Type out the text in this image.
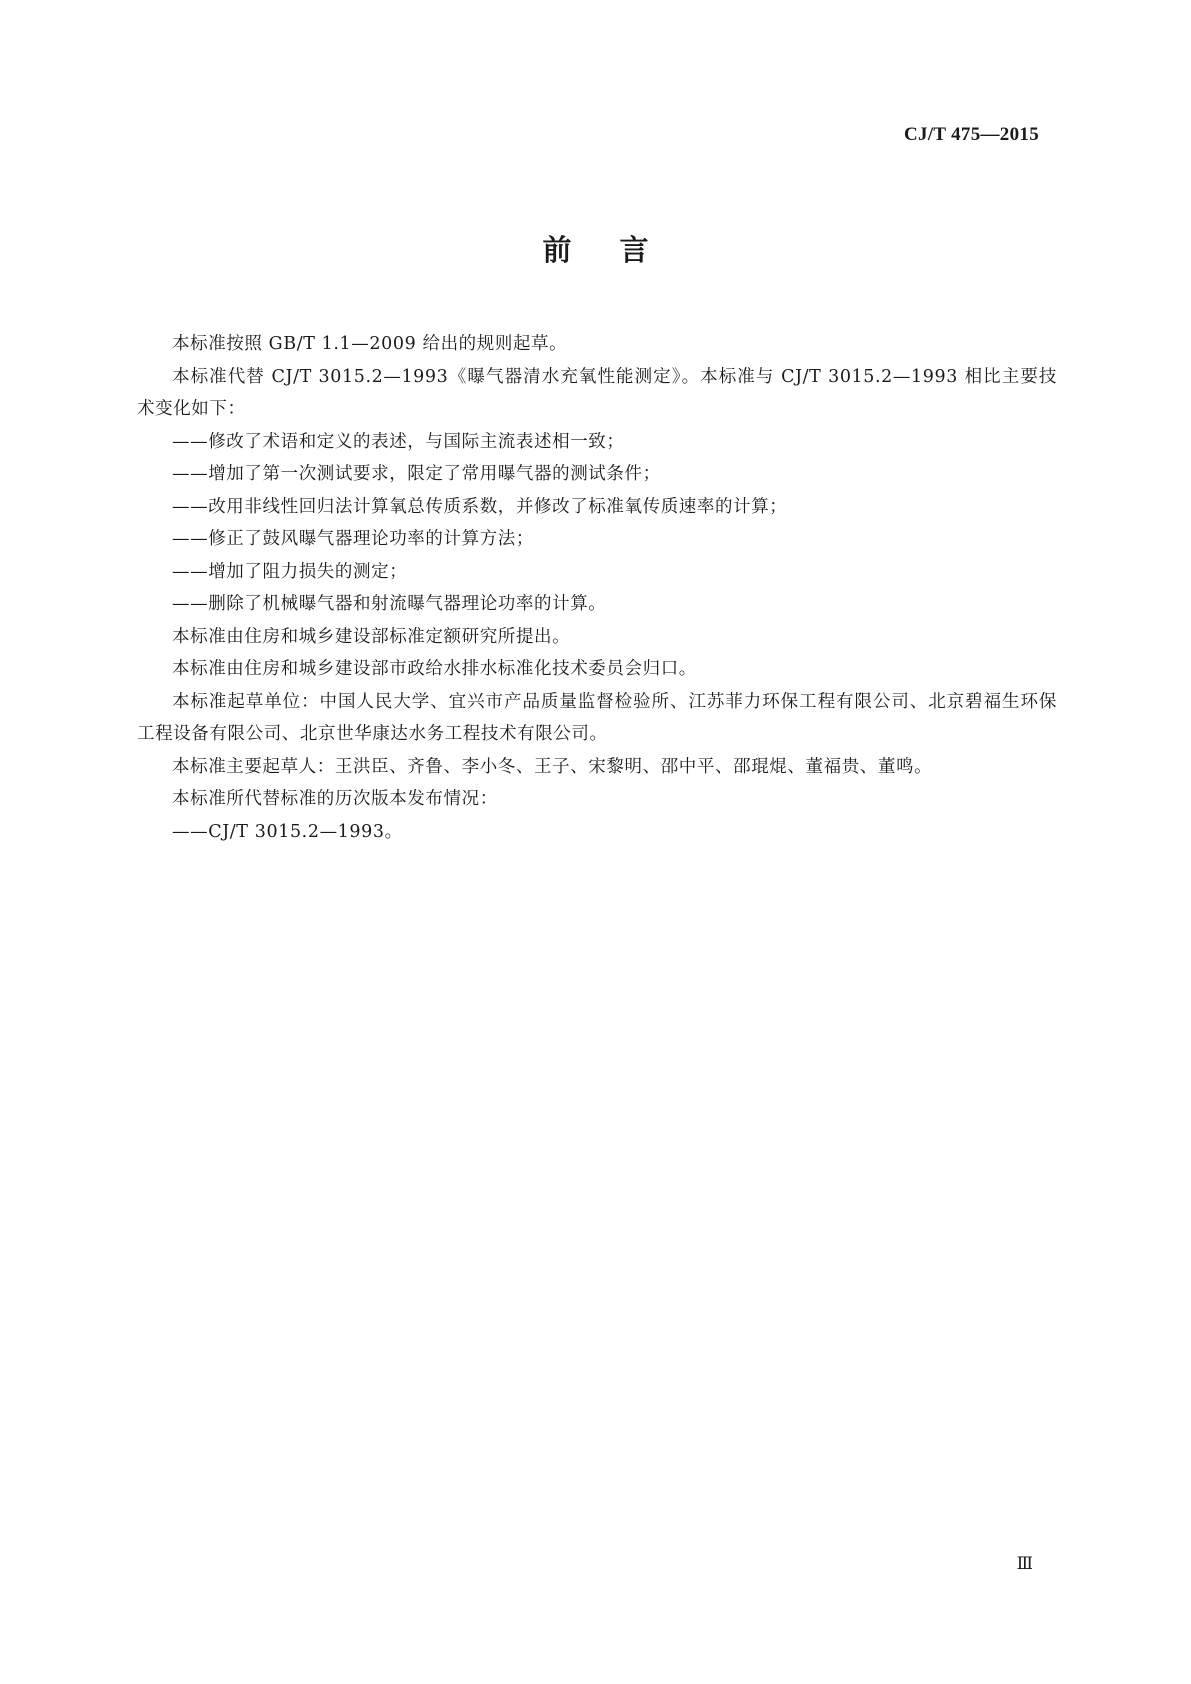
CJ/T 475—2015
前言

本标准按照 GB/T 1.1—2009 给出的规则起草。

本标准代替 CJ/T 3015.2—1993《曝气器清水充氧性能测定》。本标准与 CJ/T 3015.2—1993 相比主要技术变化如下：

——修改了术语和定义的表述，与国际主流表述相一致；

——增加了第一次测试要求，限定了常用曝气器的测试条件；

——改用非线性回归法计算氧总传质系数，并修改了标准氧传质速率的计算；

——修正了鼓风曝气器理论功率的计算方法；

——增加了阻力损失的测定；

——删除了机械曝气器和射流曝气器理论功率的计算。

本标准由住房和城乡建设部标准定额研究所提出。

本标准由住房和城乡建设部市政给水排水标准化技术委员会归口。

本标准起草单位：中国人民大学、宜兴市产品质量监督检验所、江苏菲力环保工程有限公司、北京碧福生环保工程设备有限公司、北京世华康达水务工程技术有限公司。

本标准主要起草人：王洪臣、齐鲁、李小冬、王子、宋黎明、邵中平、邵琨焜、董福贵、董鸣。

本标准所代替标准的历次版本发布情况：

——CJ/T 3015.2—1993。

Ⅲ
